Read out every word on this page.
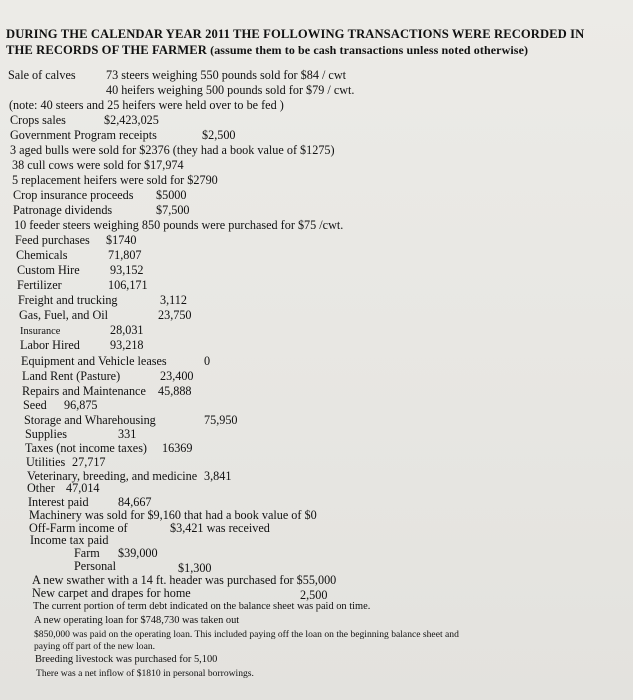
DURING THE CALENDAR YEAR 2011 THE FOLLOWING TRANSACTIONS WERE RECORDED IN
THE RECORDS OF THE FARMER (assume them to be cash transactions unless noted otherwise)
Sale of calves 73 steers weighing 550 pounds sold for $84 / cwt
40 heifers weighing 500 pounds sold for $79 / cwt.
(note: 40 steers and 25 heifers were held over to be fed )
Crops sales	$2,423,025
Government Program receipts	$2,500
3 aged bulls were sold for $2376 (they had a book value of $1275)
38 cull cows were sold for $17,974
5 replacement heifers were sold for $2790
Crop insurance proceeds $5000
Patronage dividends	$7,500
10 feeder steers weighing 850 pounds were purchased for $75 /cwt.
Feed purchases $1740
Chemicals	71,807
Custom Hire 93,152
Fertilizer	106,171
Freight and trucking	3,112
Gas, Fuel, and Oil	23,750
Insurance	28,031
Labor Hired 93,218
Equipment and Vehicle leases	0
Land Rent (Pasture)	23,400
Repairs and Maintenance 45,888
Seed 96,875
Storage and Wharehousing	75,950
Supplies	331
Taxes (not income taxes) 16369
Utilities 27,717
Veterinary, breeding, and medicine 3,841
Other 47,014
Interest paid 84,667
Machinery was sold for $9,160 that had a book value of $0
Off-Farm income of	$3,421 was received
Income tax paid
Farm $39,000
Personal	$1,300
A new swather with a 14 ft. header was purchased for $55,000
New carpet and drapes for home	2,500
The current portion of term debt indicated on the balance sheet was paid on time.
A new operating loan for $748,730 was taken out
$850,000 was paid on the operating loan. This included paying off the loan on the beginning balance sheet and
paying off part of the new loan.
Breeding livestock was purchased for 5,100
There was a net inflow of $1810 in personal borrowings.
